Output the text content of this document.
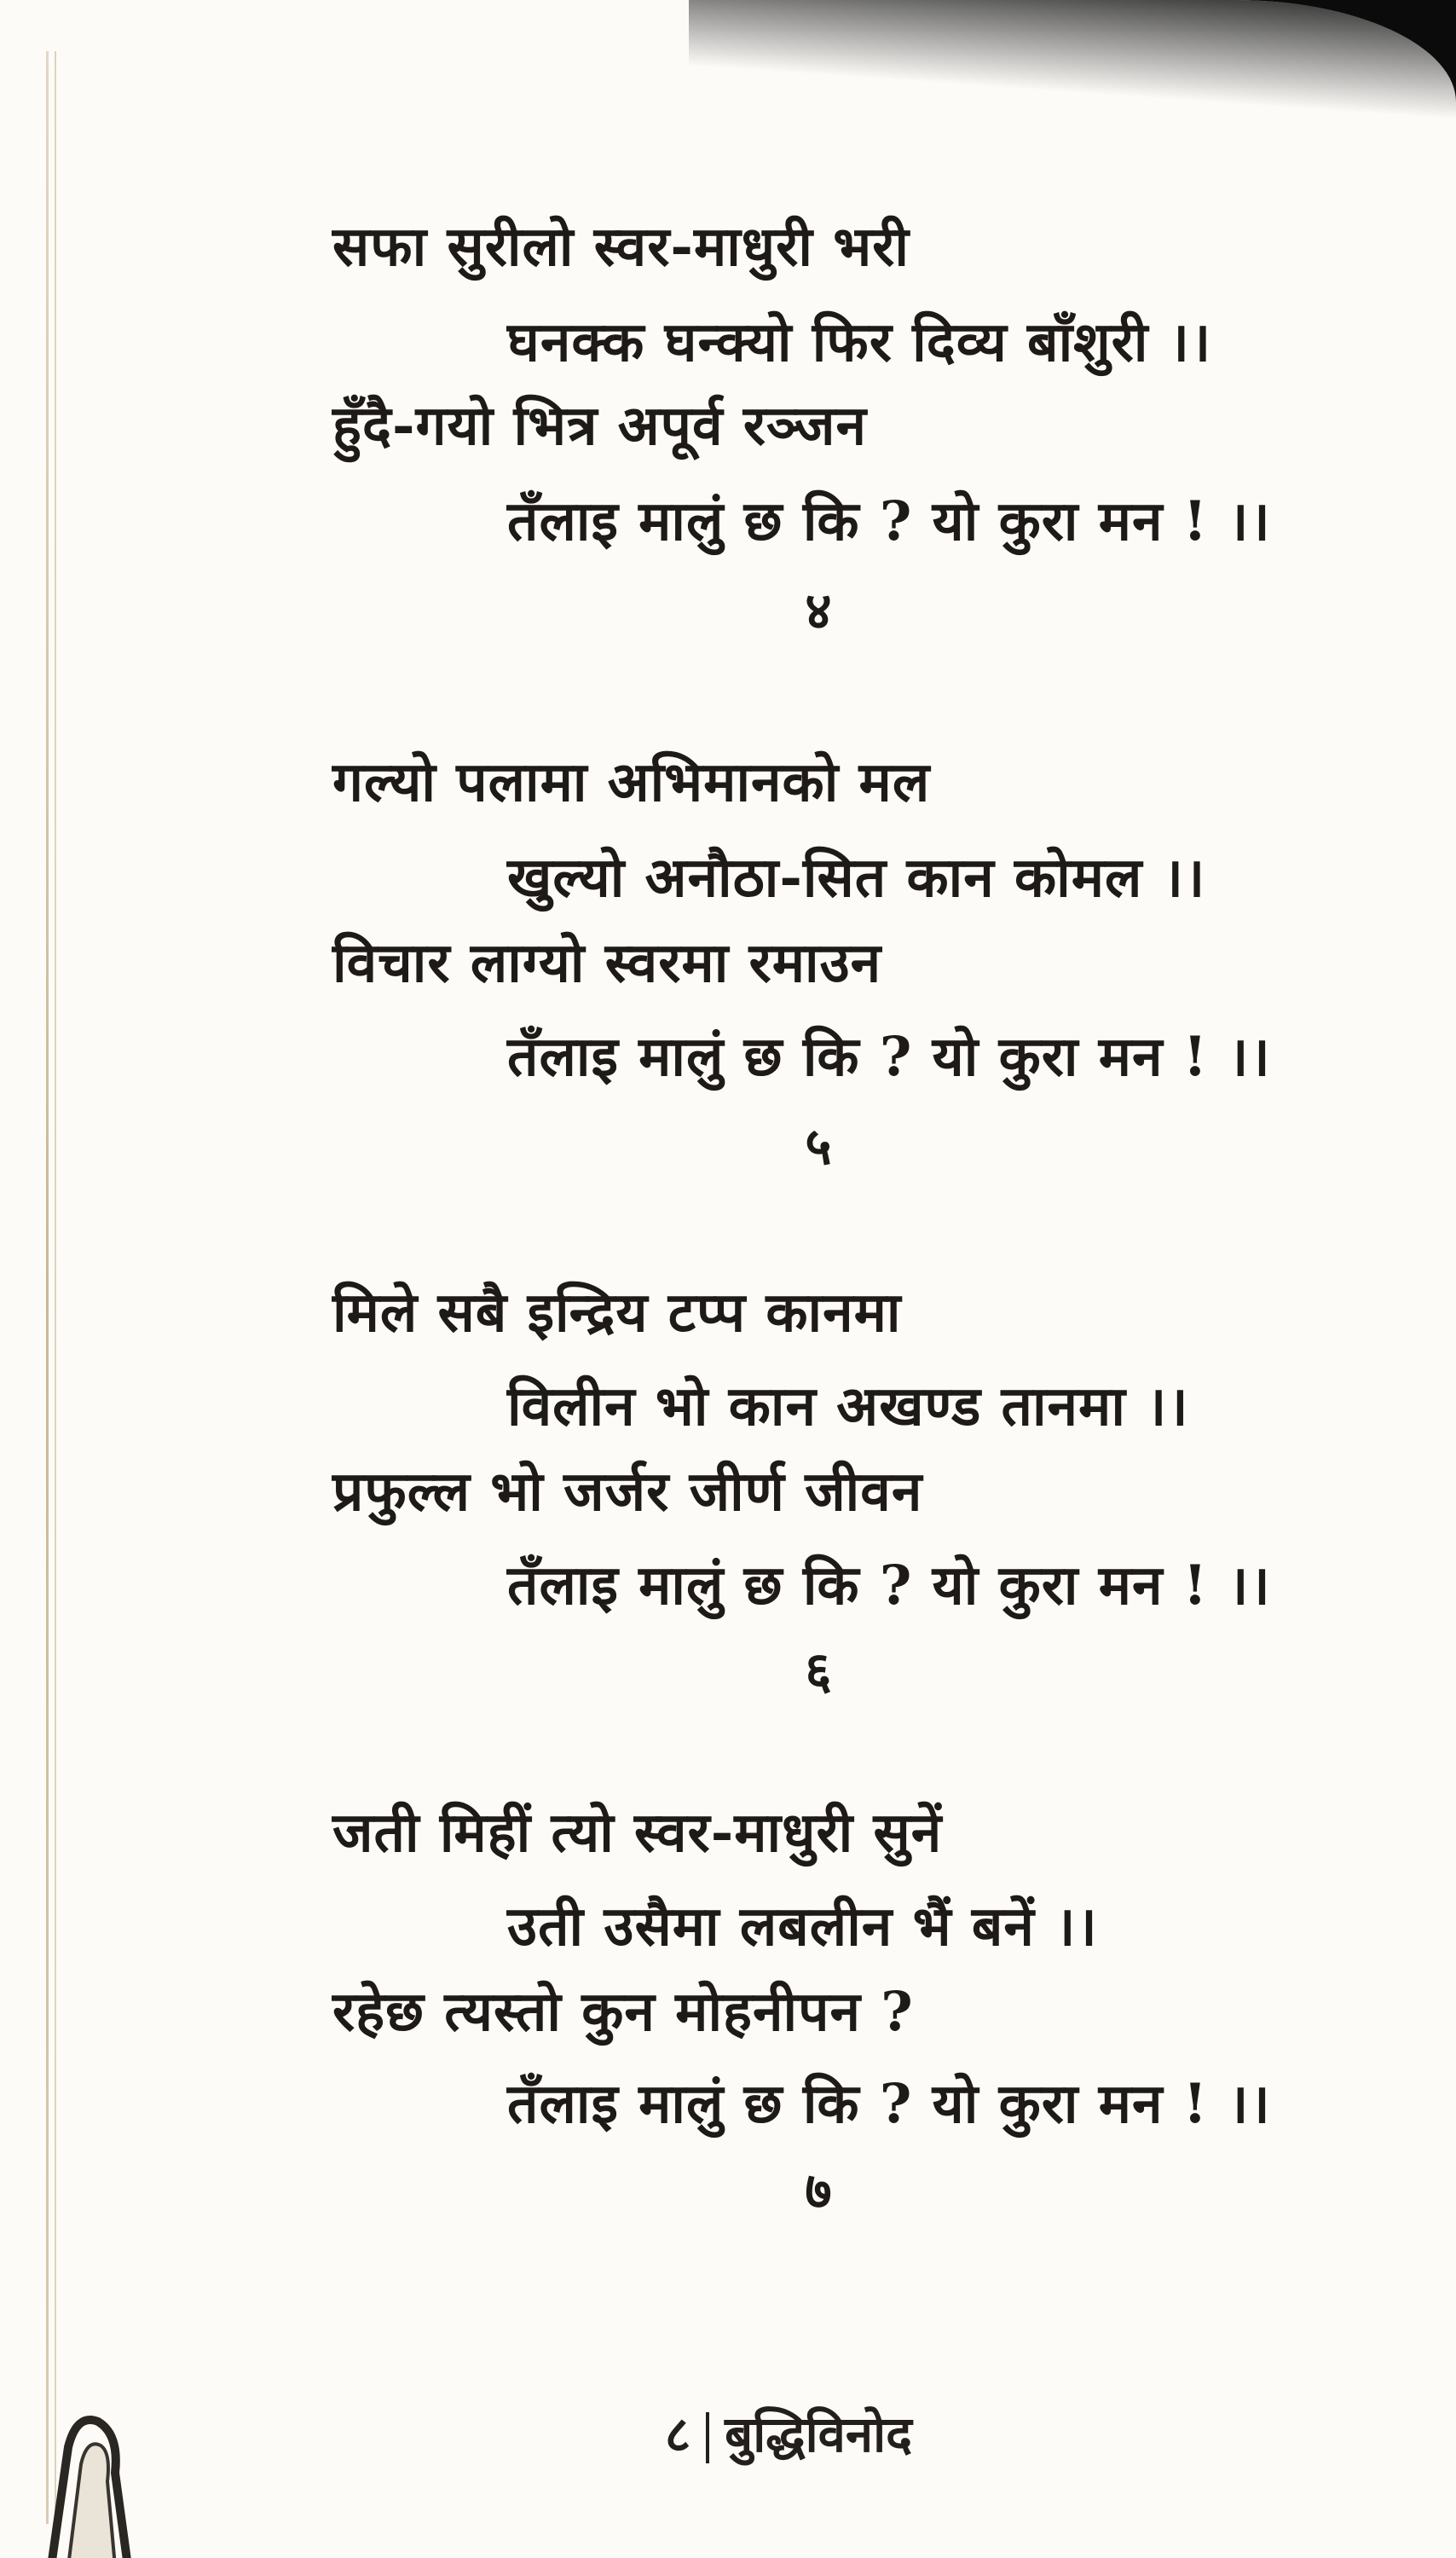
सफा सुरीलो स्वर-माधुरी भरी
घनक्क घन्क्यो फिर दिव्य बाँशुरी ।।
हुँदै-गयो भित्र अपूर्व रञ्जन
तँलाइ मालुं छ कि ? यो कुरा मन ! ।।
४
गल्यो पलामा अभिमानको मल
खुल्यो अनौठा-सित कान कोमल ।।
विचार लाग्यो स्वरमा रमाउन
तँलाइ मालुं छ कि ? यो कुरा मन ! ।।
५
मिले सबै इन्द्रिय टप्प कानमा
विलीन भो कान अखण्ड तानमा ।।
प्रफुल्ल भो जर्जर जीर्ण जीवन
तँलाइ मालुं छ कि ? यो कुरा मन ! ।।
६
जती मिहीं त्यो स्वर-माधुरी सुनें
उती उसैमा लबलीन भैं बनें ।।
रहेछ त्यस्तो कुन मोहनीपन ?
तँलाइ मालुं छ कि ? यो कुरा मन ! ।।
७
८ बुद्धिविनोद
